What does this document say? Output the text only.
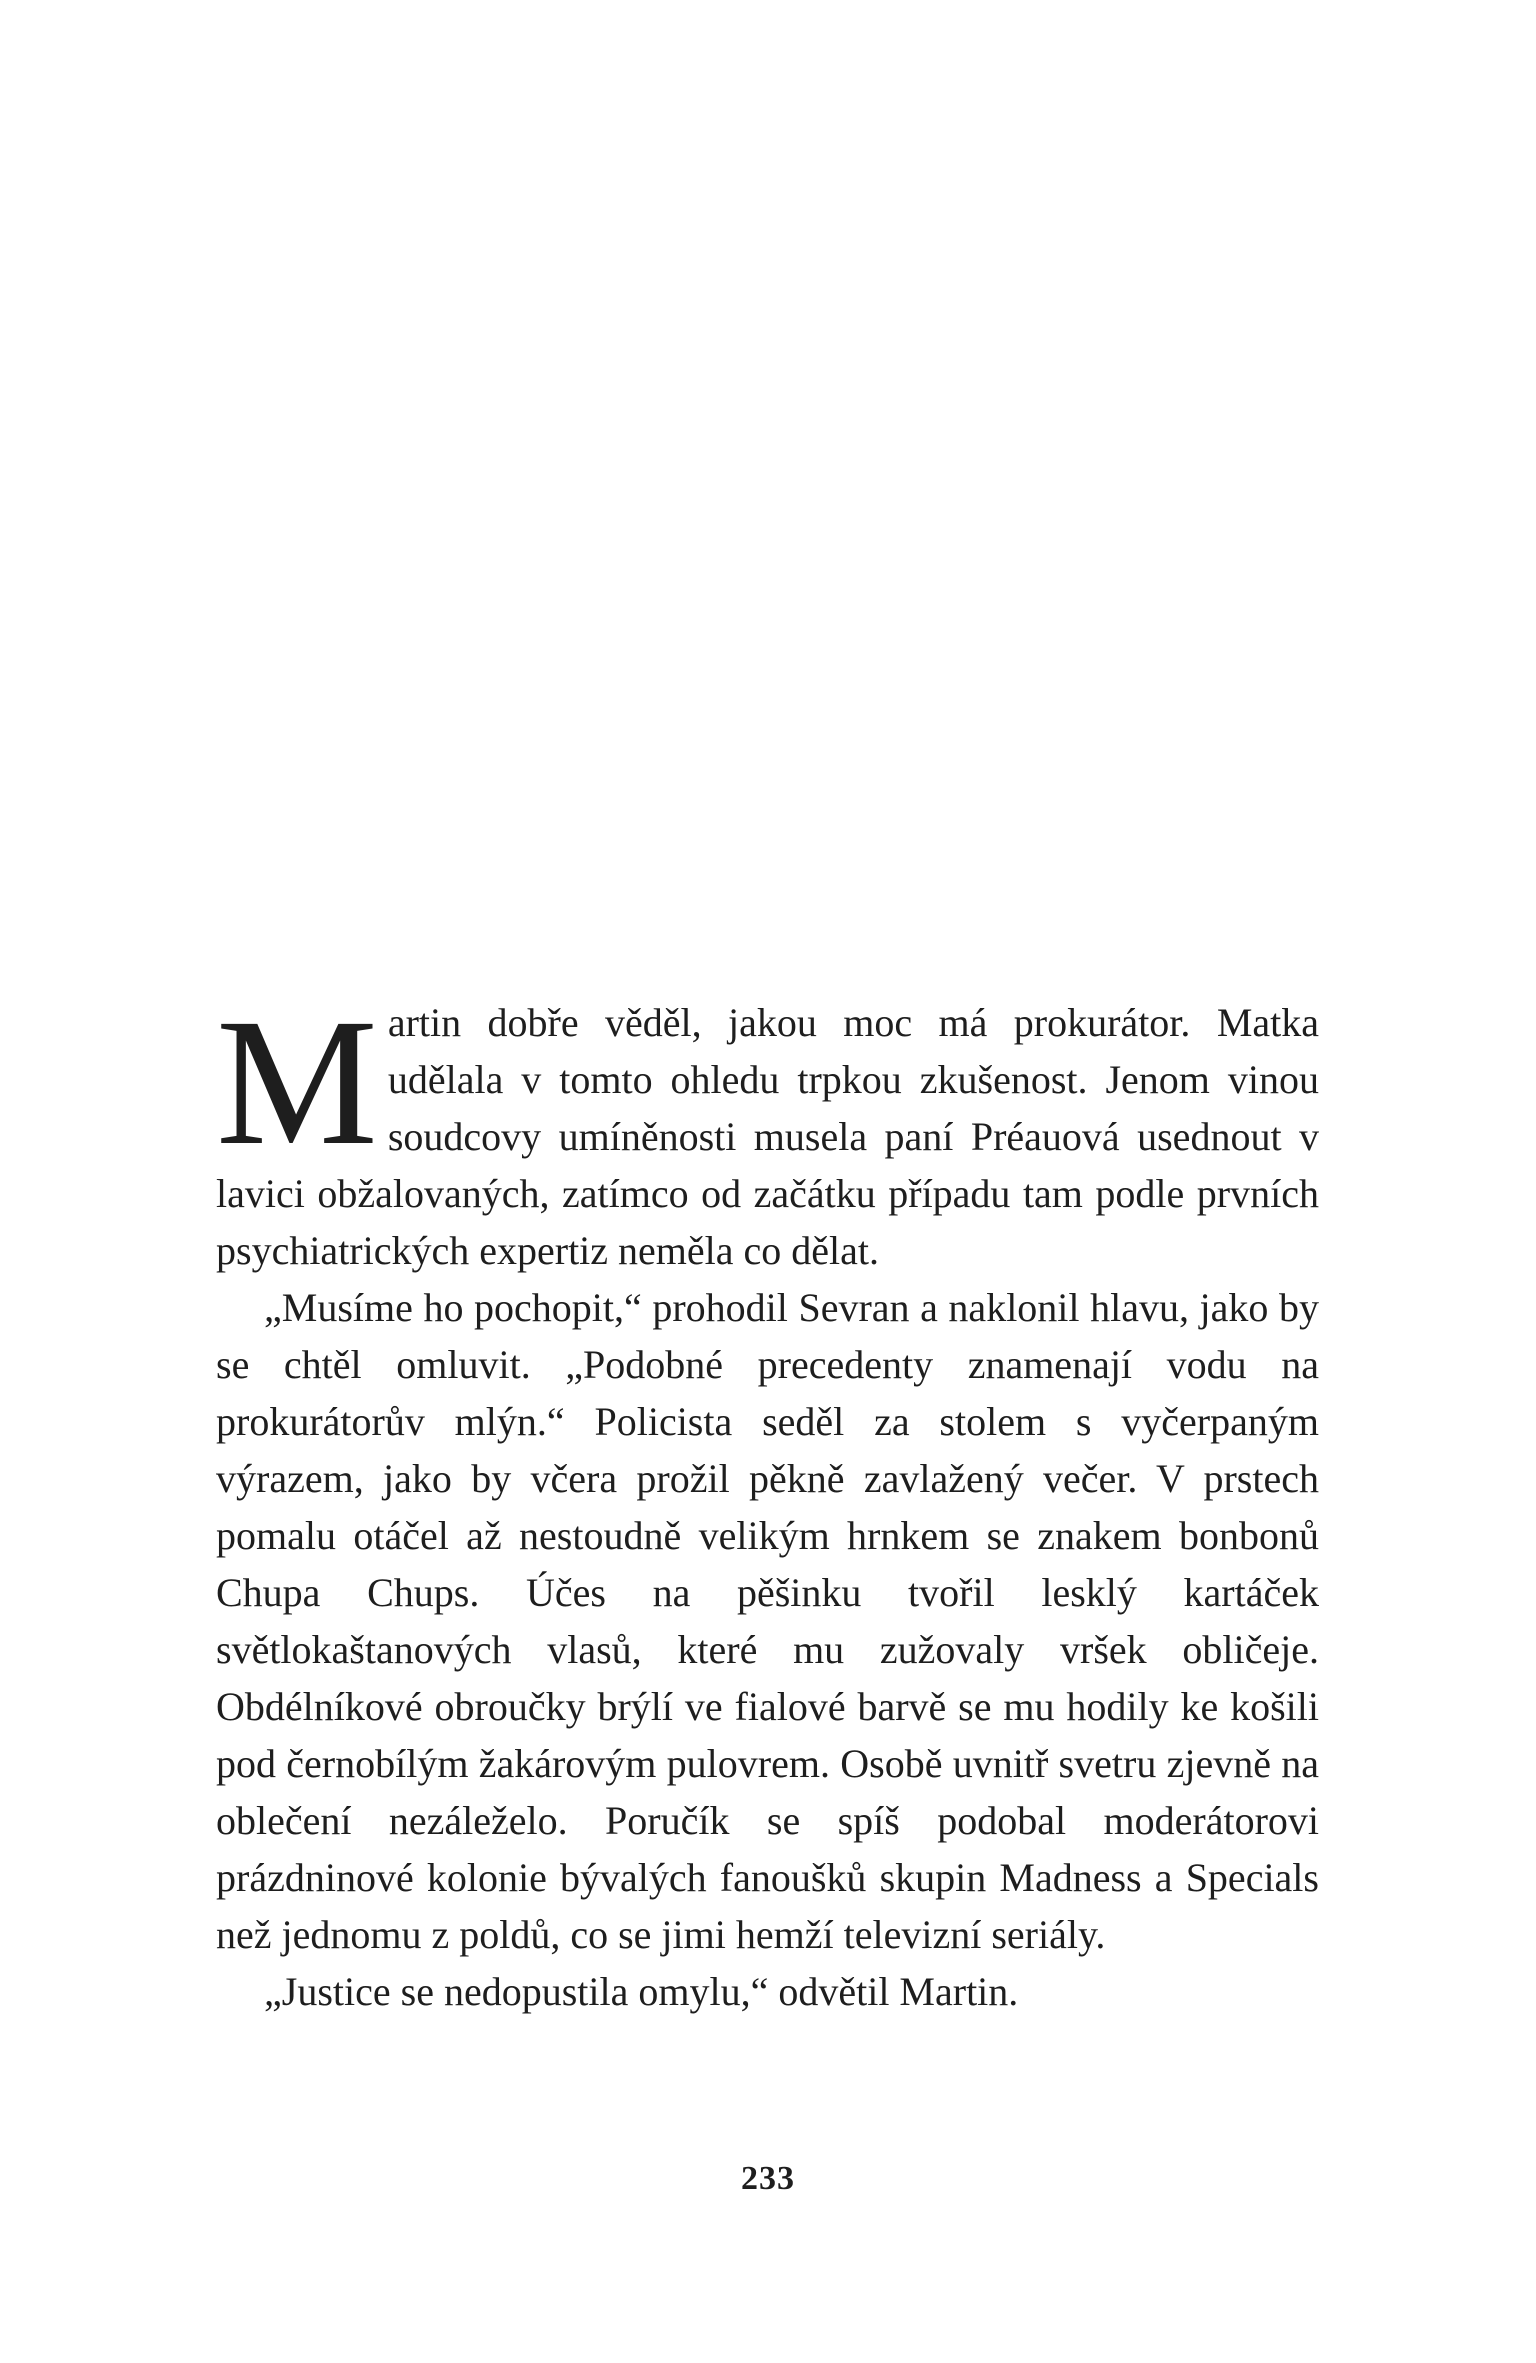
Martin dobře věděl, jakou moc má prokurátor. Matka udělala v tomto ohledu trpkou zkušenost. Jenom vinou soudcovy umíněnosti musela paní Préauová usednout v lavici obžalovaných, zatímco od začátku případu tam podle prvních psychiatrických expertiz neměla co dělat.

„Musíme ho pochopit,“ prohodil Sevran a naklonil hlavu, jako by se chtěl omluvit. „Podobné precedenty znamenají vodu na prokurátorův mlýn.“ Policista seděl za stolem s vyčerpaným výrazem, jako by včera prožil pěkně zavlažený večer. V prstech pomalu otáčel až nestoudně velikým hrnkem se znakem bonbonů Chupa Chups. Účes na pěšinku tvořil lesklý kartáček světlokaštanových vlasů, které mu zužovaly vršek obličeje. Obdélníkové obroučky brýlí ve fialové barvě se mu hodily ke košili pod černobílým žakárovým pulovrem. Osobě uvnitř svetru zjevně na oblečení nezáleželo. Poručík se spíš podobal moderátorovi prázdninové kolonie bývalých fanoušků skupin Madness a Specials než jednomu z poldů, co se jimi hemží televizní seriály.

„Justice se nedopustila omylu,“ odvětil Martin.

233
